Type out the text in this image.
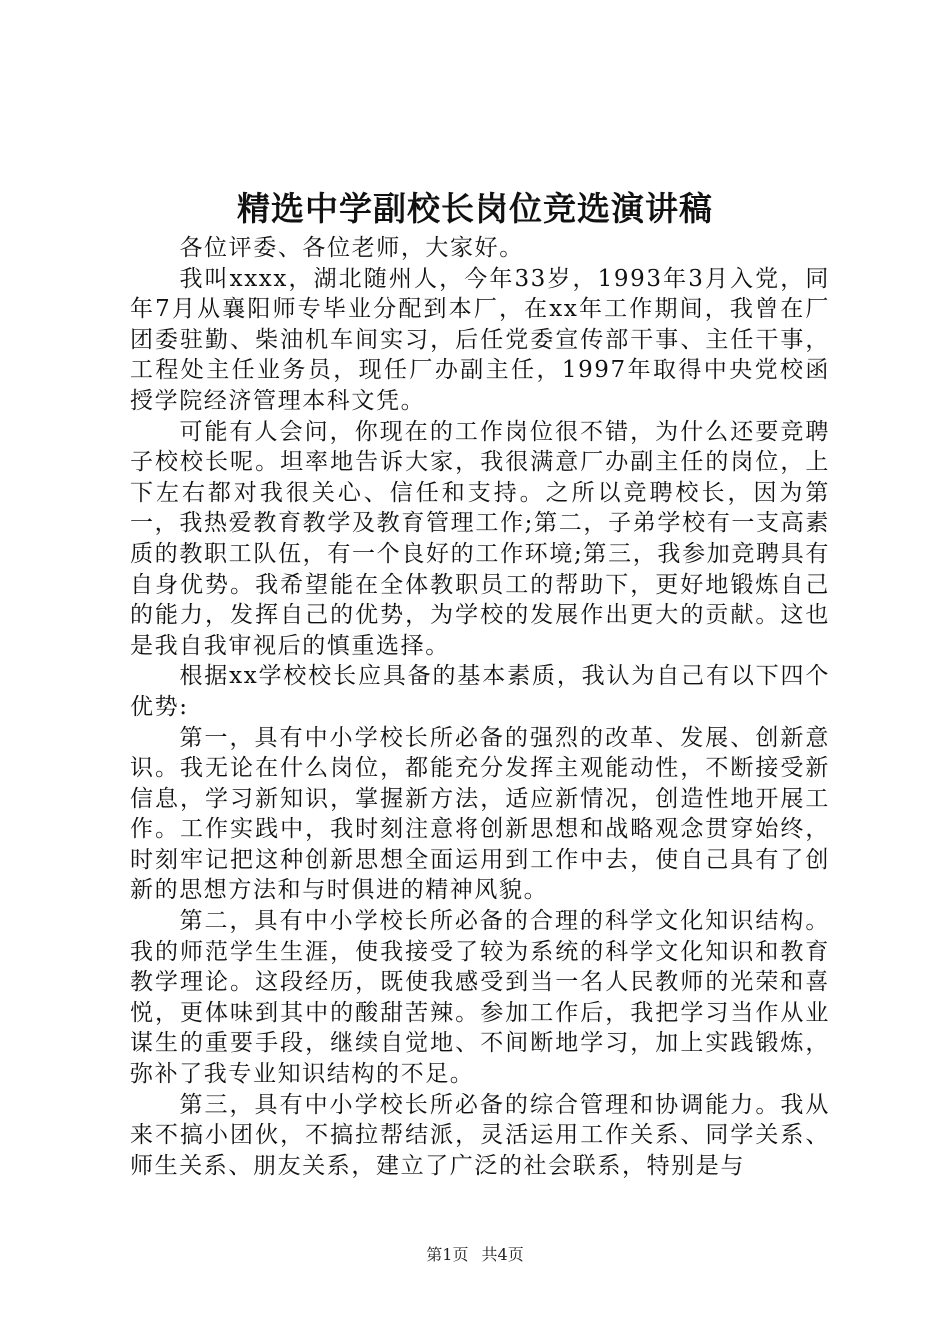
精选中学副校长岗位竞选演讲稿

各位评委、各位老师，大家好。

我叫xxxx，湖北随州人，今年33岁，1993年3月入党，同年7月从襄阳师专毕业分配到本厂，在xx年工作期间，我曾在厂团委驻勤、柴油机车间实习，后任党委宣传部干事、主任干事，工程处主任业务员，现任厂办副主任，1997年取得中央党校函授学院经济管理本科文凭。

可能有人会问，你现在的工作岗位很不错，为什么还要竞聘子校校长呢。坦率地告诉大家，我很满意厂办副主任的岗位，上下左右都对我很关心、信任和支持。之所以竞聘校长，因为第一，我热爱教育教学及教育管理工作;第二，子弟学校有一支高素质的教职工队伍，有一个良好的工作环境;第三，我参加竞聘具有自身优势。我希望能在全体教职员工的帮助下，更好地锻炼自己的能力，发挥自己的优势，为学校的发展作出更大的贡献。这也是我自我审视后的慎重选择。

根据xx学校校长应具备的基本素质，我认为自己有以下四个优势:

第一，具有中小学校长所必备的强烈的改革、发展、创新意识。我无论在什么岗位，都能充分发挥主观能动性，不断接受新信息，学习新知识，掌握新方法，适应新情况，创造性地开展工作。工作实践中，我时刻注意将创新思想和战略观念贯穿始终，时刻牢记把这种创新思想全面运用到工作中去，使自己具有了创新的思想方法和与时俱进的精神风貌。

第二，具有中小学校长所必备的合理的科学文化知识结构。我的师范学生生涯，使我接受了较为系统的科学文化知识和教育教学理论。这段经历，既使我感受到当一名人民教师的光荣和喜悦，更体味到其中的酸甜苦辣。参加工作后，我把学习当作从业谋生的重要手段，继续自觉地、不间断地学习，加上实践锻炼，弥补了我专业知识结构的不足。

第三，具有中小学校长所必备的综合管理和协调能力。我从来不搞小团伙，不搞拉帮结派，灵活运用工作关系、同学关系、师生关系、朋友关系，建立了广泛的社会联系，特别是与

第1页 共4页
